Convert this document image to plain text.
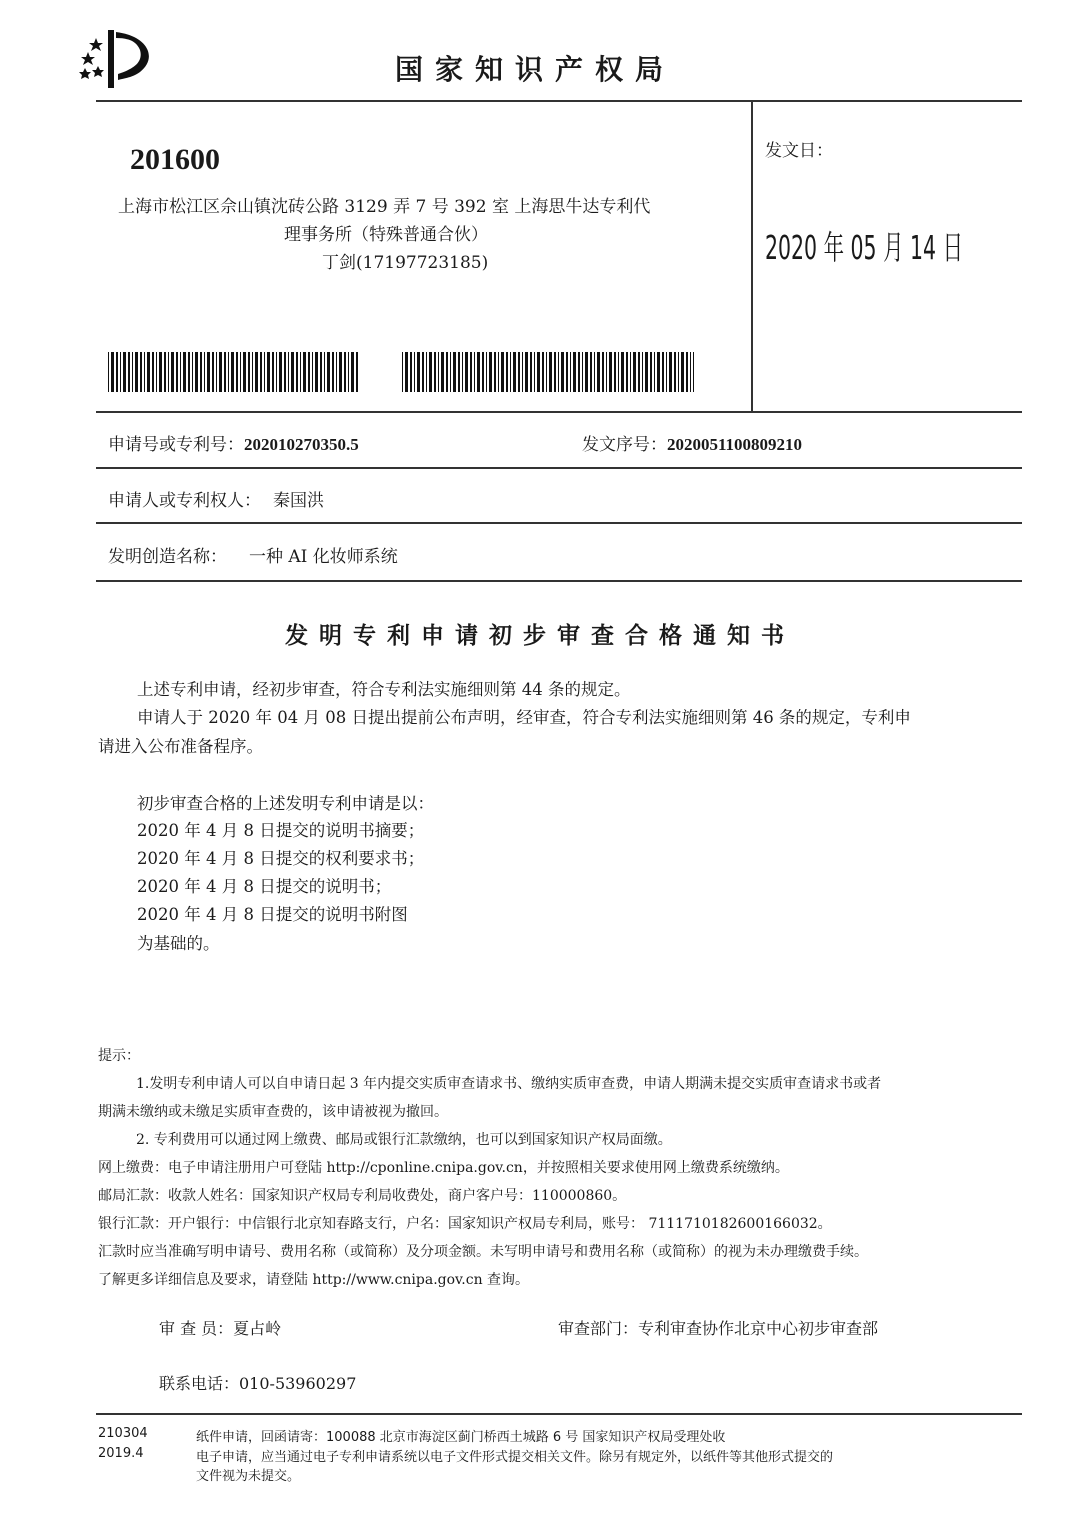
国家知识产权局
201600
上海市松江区佘山镇沈砖公路 3129 弄 7 号 392 室 上海思牛达专利代
理事务所（特殊普通合伙）
丁剑(17197723185)
发文日：
2020 年 05 月 14 日
申请号或专利号：202010270350.5	发文序号：2020051100809210
申请人或专利权人： 秦国洪
发明创造名称： 一种 AI 化妆师系统
发明专利申请初步审查合格通知书
上述专利申请，经初步审查，符合专利法实施细则第 44 条的规定。
申请人于 2020 年 04 月 08 日提出提前公布声明，经审查，符合专利法实施细则第 46 条的规定，专利申
请进入公布准备程序。
初步审查合格的上述发明专利申请是以：
2020 年 4 月 8 日提交的说明书摘要；
2020 年 4 月 8 日提交的权利要求书；
2020 年 4 月 8 日提交的说明书；
2020 年 4 月 8 日提交的说明书附图
为基础的。
提示：
1.发明专利申请人可以自申请日起 3 年内提交实质审查请求书、缴纳实质审查费，申请人期满未提交实质审查请求书或者
期满未缴纳或未缴足实质审查费的，该申请被视为撤回。
2. 专利费用可以通过网上缴费、邮局或银行汇款缴纳，也可以到国家知识产权局面缴。
网上缴费：电子申请注册用户可登陆 http://cponline.cnipa.gov.cn，并按照相关要求使用网上缴费系统缴纳。
邮局汇款：收款人姓名：国家知识产权局专利局收费处，商户客户号：110000860。
银行汇款：开户银行：中信银行北京知春路支行，户名：国家知识产权局专利局，账号： 7111710182600166032。
汇款时应当准确写明申请号、费用名称（或简称）及分项金额。未写明申请号和费用名称（或简称）的视为未办理缴费手续。
了解更多详细信息及要求，请登陆 http://www.cnipa.gov.cn 查询。
审 查 员：夏占岭	审查部门：专利审查协作北京中心初步审查部
联系电话：010-53960297
210304
2019.4
纸件申请，回函请寄：100088 北京市海淀区蓟门桥西土城路 6 号 国家知识产权局受理处收
电子申请，应当通过电子专利申请系统以电子文件形式提交相关文件。除另有规定外，以纸件等其他形式提交的
文件视为未提交。
